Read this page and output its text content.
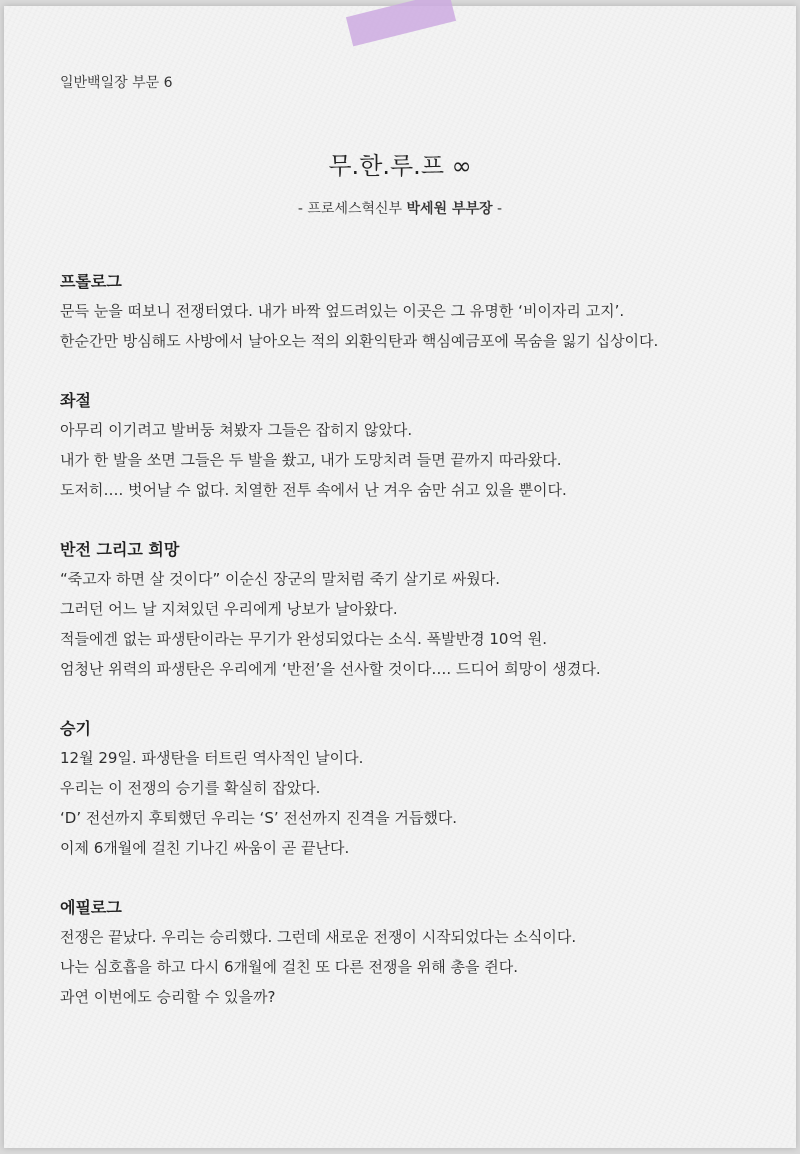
일반백일장 부문 6
무.한.루.프 ∞
- 프로세스혁신부 박세원 부부장 -
프롤로그
문득 눈을 떠보니 전쟁터였다. 내가 바짝 엎드려있는 이곳은 그 유명한 ‘비이자리 고지’.
한순간만 방심해도 사방에서 날아오는 적의 외환익탄과 핵심예금포에 목숨을 잃기 십상이다.
좌절
아무리 이기려고 발버둥 쳐봤자 그들은 잡히지 않았다.
내가 한 발을 쏘면 그들은 두 발을 쐈고, 내가 도망치려 들면 끝까지 따라왔다.
도저히…. 벗어날 수 없다. 치열한 전투 속에서 난 겨우 숨만 쉬고 있을 뿐이다.
반전 그리고 희망
“죽고자 하면 살 것이다” 이순신 장군의 말처럼 죽기 살기로 싸웠다.
그러던 어느 날 지쳐있던 우리에게 낭보가 날아왔다.
적들에겐 없는 파생탄이라는 무기가 완성되었다는 소식. 폭발반경 10억 원.
엄청난 위력의 파생탄은 우리에게 ‘반전’을 선사할 것이다…. 드디어 희망이 생겼다.
승기
12월 29일. 파생탄을 터트린 역사적인 날이다.
우리는 이 전쟁의 승기를 확실히 잡았다.
‘D’ 전선까지 후퇴했던 우리는 ‘S’ 전선까지 진격을 거듭했다.
이제 6개월에 걸친 기나긴 싸움이 곧 끝난다.
에필로그
전쟁은 끝났다. 우리는 승리했다. 그런데 새로운 전쟁이 시작되었다는 소식이다.
나는 심호흡을 하고 다시 6개월에 걸친 또 다른 전쟁을 위해 총을 쥔다.
과연 이번에도 승리할 수 있을까?
